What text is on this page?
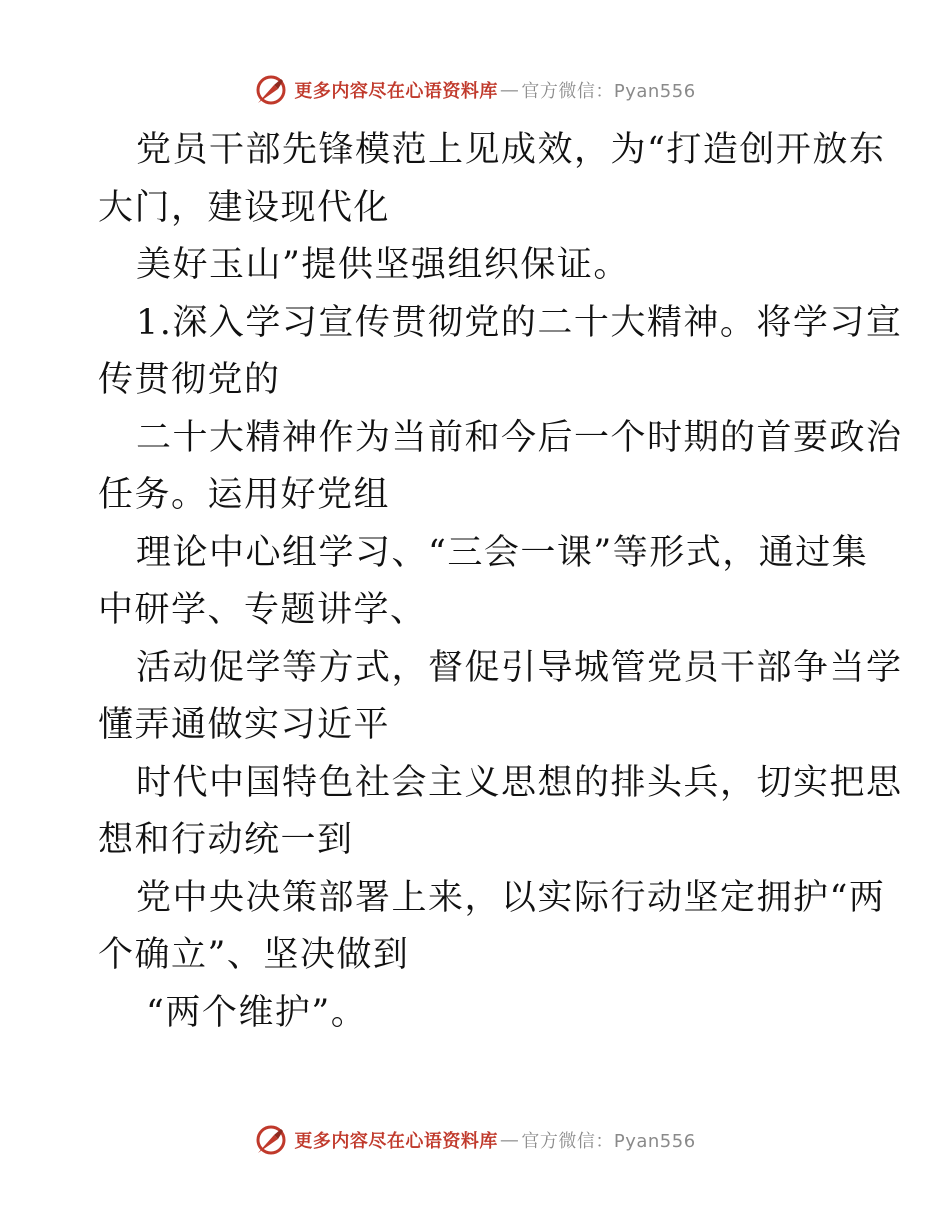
更多内容尽在心语资料库 — 官方微信：Pyan556
党员干部先锋模范上见成效，为“打造创开放东
大门，建设现代化
美好玉山”提供坚强组织保证。
1.深入学习宣传贯彻党的二十大精神。将学习宣
传贯彻党的
二十大精神作为当前和今后一个时期的首要政治
任务。运用好党组
理论中心组学习、“三会一课”等形式，通过集
中研学、专题讲学、
活动促学等方式，督促引导城管党员干部争当学
懂弄通做实习近平
时代中国特色社会主义思想的排头兵，切实把思
想和行动统一到
党中央决策部署上来，以实际行动坚定拥护“两
个确立”、坚决做到
“两个维护”。
更多内容尽在心语资料库 — 官方微信：Pyan556
